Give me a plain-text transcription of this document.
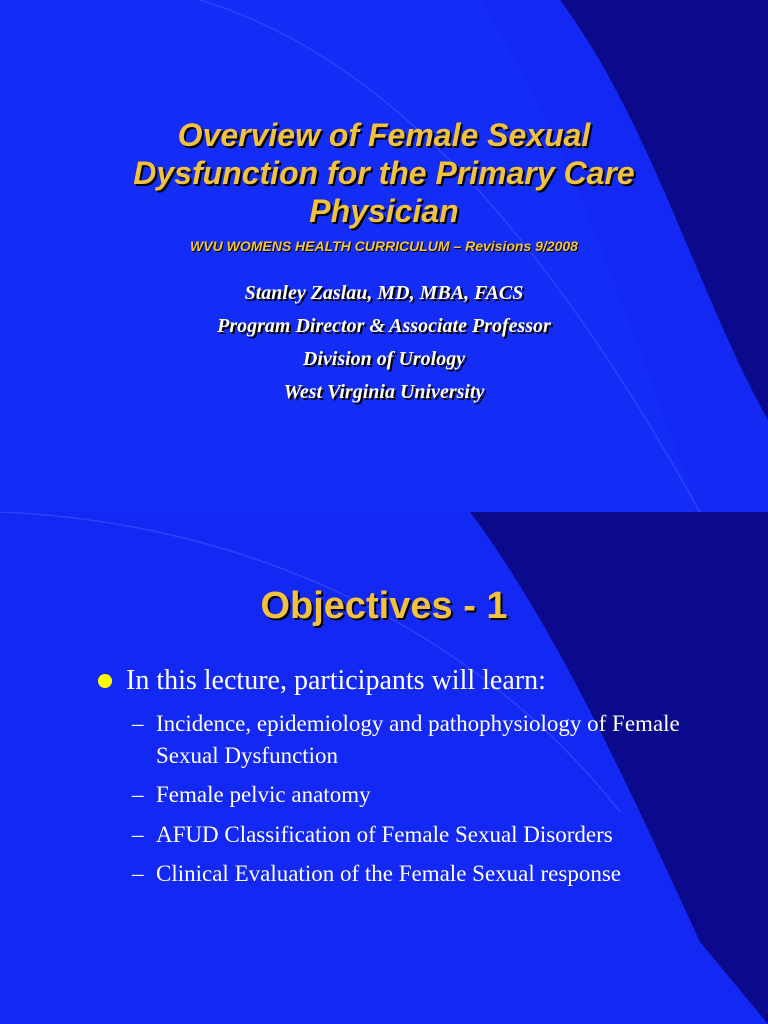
Overview of Female Sexual
Dysfunction for the Primary Care
Physician
WVU WOMENS HEALTH CURRICULUM – Revisions 9/2008
Stanley Zaslau, MD, MBA, FACS
Program Director & Associate Professor
Division of Urology
West Virginia University
Objectives - 1
In this lecture, participants will learn:
– Incidence, epidemiology and pathophysiology of Female Sexual Dysfunction
– Female pelvic anatomy
– AFUD Classification of Female Sexual Disorders
– Clinical Evaluation of the Female Sexual response
